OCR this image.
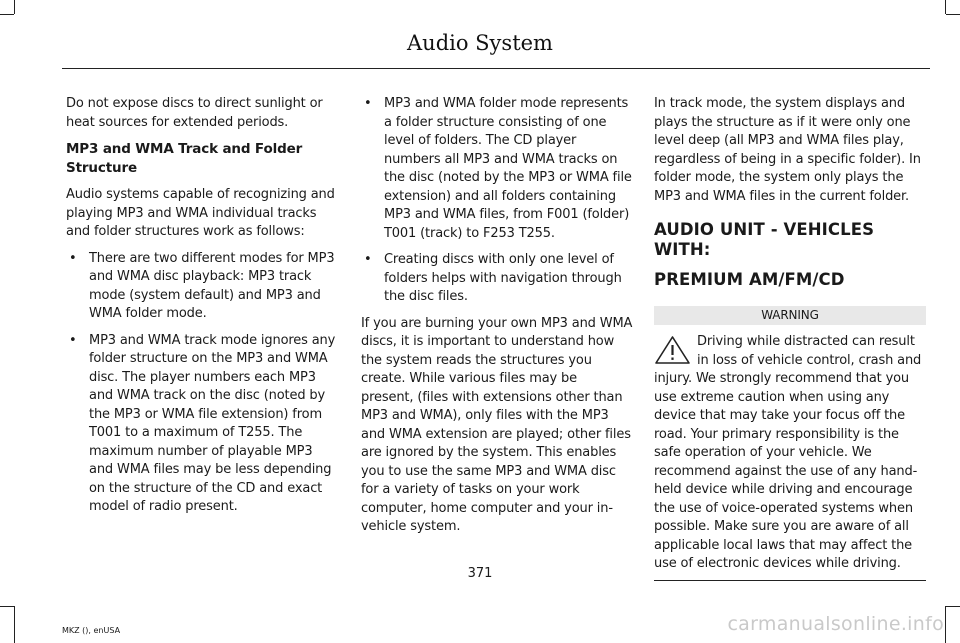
Audio System

Do not expose discs to direct sunlight or heat sources for extended periods.

MP3 and WMA Track and Folder Structure

Audio systems capable of recognizing and playing MP3 and WMA individual tracks and folder structures work as follows:

• There are two different modes for MP3 and WMA disc playback: MP3 track mode (system default) and MP3 and WMA folder mode.
• MP3 and WMA track mode ignores any folder structure on the MP3 and WMA disc. The player numbers each MP3 and WMA track on the disc (noted by the MP3 or WMA file extension) from T001 to a maximum of T255. The maximum number of playable MP3 and WMA files may be less depending on the structure of the CD and exact model of radio present.
• MP3 and WMA folder mode represents a folder structure consisting of one level of folders. The CD player numbers all MP3 and WMA tracks on the disc (noted by the MP3 or WMA file extension) and all folders containing MP3 and WMA files, from F001 (folder) T001 (track) to F253 T255.
• Creating discs with only one level of folders helps with navigation through the disc files.

If you are burning your own MP3 and WMA discs, it is important to understand how the system reads the structures you create. While various files may be present, (files with extensions other than MP3 and WMA), only files with the MP3 and WMA extension are played; other files are ignored by the system. This enables you to use the same MP3 and WMA disc for a variety of tasks on your work computer, home computer and your in-vehicle system.

In track mode, the system displays and plays the structure as if it were only one level deep (all MP3 and WMA files play, regardless of being in a specific folder). In folder mode, the system only plays the MP3 and WMA files in the current folder.

AUDIO UNIT - VEHICLES WITH:
PREMIUM AM/FM/CD
WARNING
Driving while distracted can result in loss of vehicle control, crash and injury. We strongly recommend that you use extreme caution when using any device that may take your focus off the road. Your primary responsibility is the safe operation of your vehicle. We recommend against the use of any hand-held device while driving and encourage the use of voice-operated systems when possible. Make sure you are aware of all applicable local laws that may affect the use of electronic devices while driving.
371
MKZ (), enUSA	carmanualsonline.info
